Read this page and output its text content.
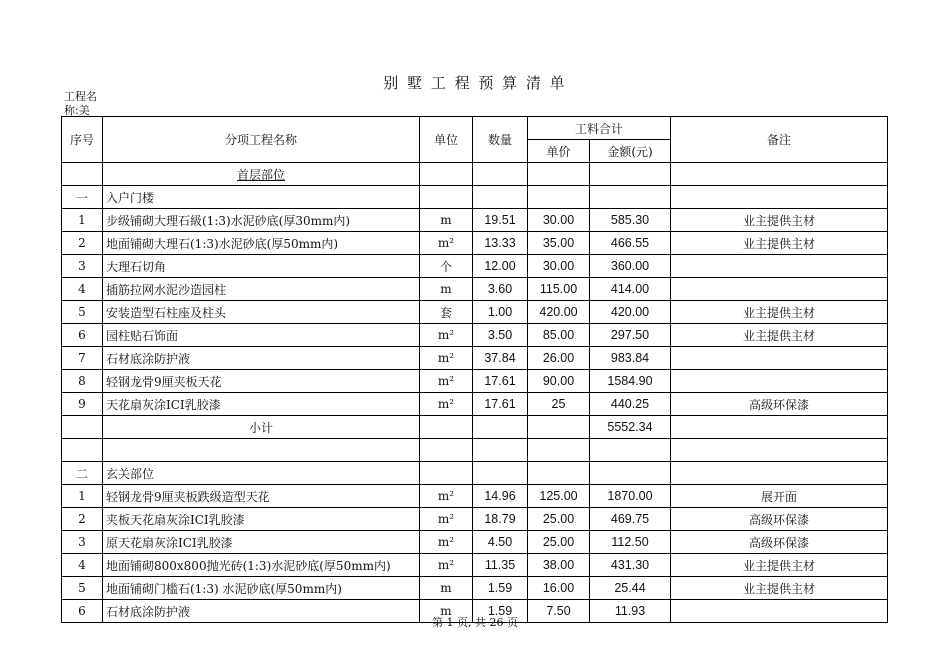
别 墅 工 程 预 算 清 单
工程名称:美
序号	分项工程名称	单位	数量	工料合计		备注
				单价	金额(元)	
	首层部位					
一	入户门楼					
1	步级铺砌大理石級(1:3)水泥砂底(厚30mm内)	m	19.51	30.00	585.30	业主提供主材
2	地面铺砌大理石(1:3)水泥砂底(厚50mm内)	m²	13.33	35.00	466.55	业主提供主材
3	大理石切角	个	12.00	30.00	360.00	
4	插筋拉网水泥沙造园柱	m	3.60	115.00	414.00	
5	安装造型石柱座及柱头	套	1.00	420.00	420.00	业主提供主材
6	园柱贴石饰面	m²	3.50	85.00	297.50	业主提供主材
7	石材底涂防护液	m²	37.84	26.00	983.84	
8	轻钢龙骨9厘夹板天花	m²	17.61	90.00	1584.90	
9	天花扇灰涂ICI乳胶漆	m²	17.61	25	440.25	高级环保漆
	小计				5552.34	

二	玄关部位					
1	轻钢龙骨9厘夹板跌级造型天花	m²	14.96	125.00	1870.00	展开面
2	夹板天花扇灰涂ICI乳胶漆	m²	18.79	25.00	469.75	高级环保漆
3	原天花扇灰涂ICI乳胶漆	m²	4.50	25.00	112.50	高级环保漆
4	地面铺砌800x800抛光砖(1:3)水泥砂底(厚50mm内)	m²	11.35	38.00	431.30	业主提供主材
5	地面铺砌门槛石(1:3) 水泥砂底(厚50mm内)	m	1.59	16.00	25.44	业主提供主材
6	石材底涂防护液	m	1.59	7.50	11.93	
第 1 页, 共 26 页
